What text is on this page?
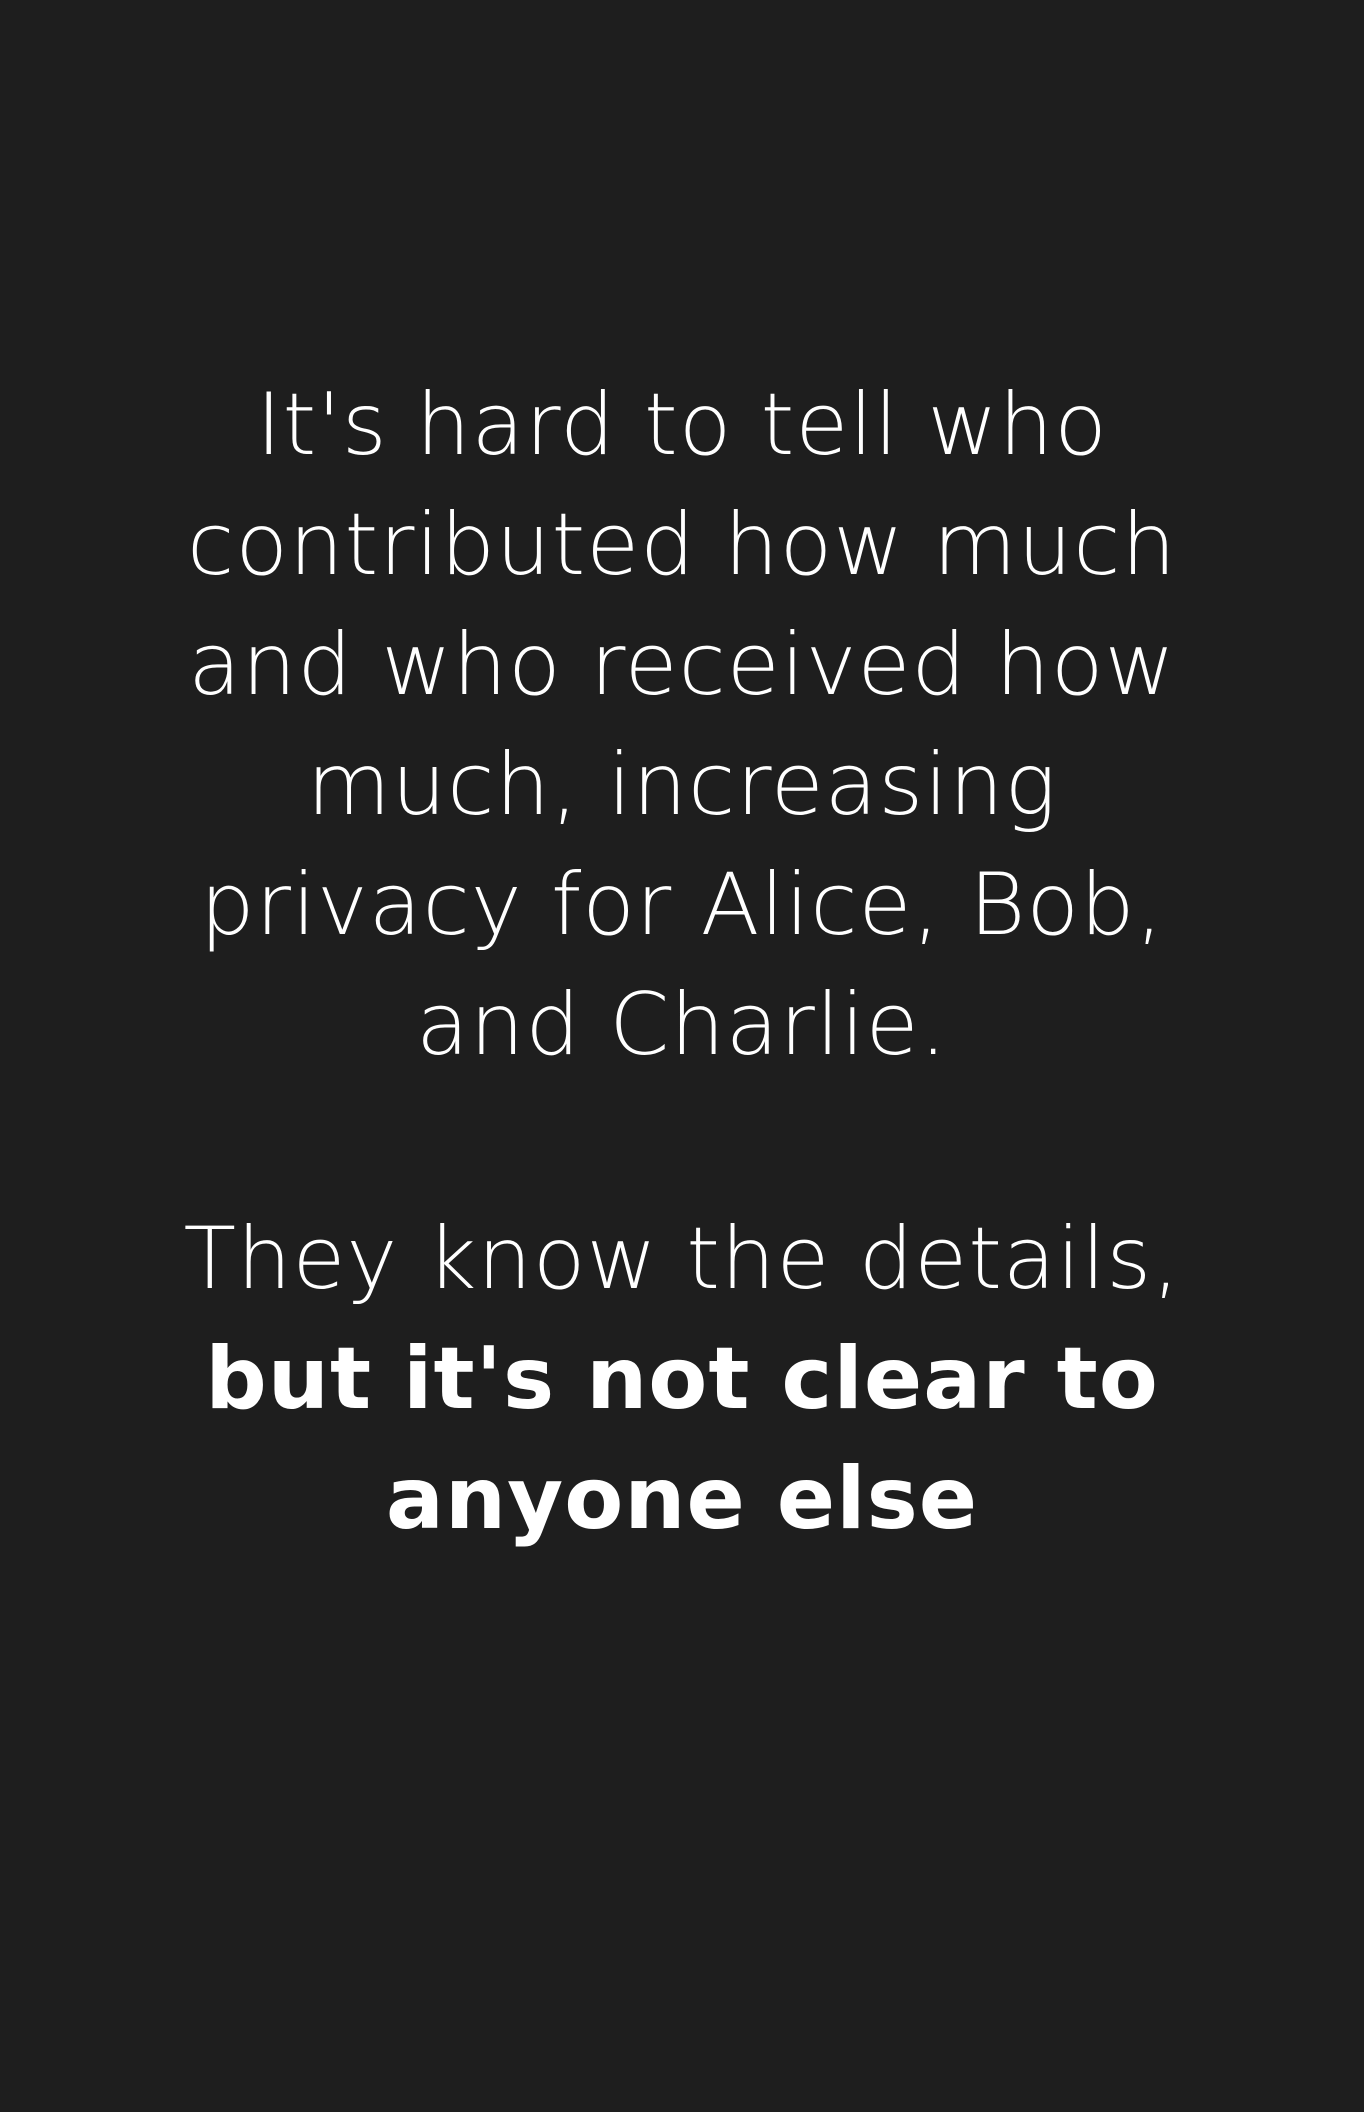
It's hard to tell who
contributed how much
and who received how
much, increasing
privacy for Alice, Bob,
and Charlie.

They know the details,
but it's not clear to
anyone else
